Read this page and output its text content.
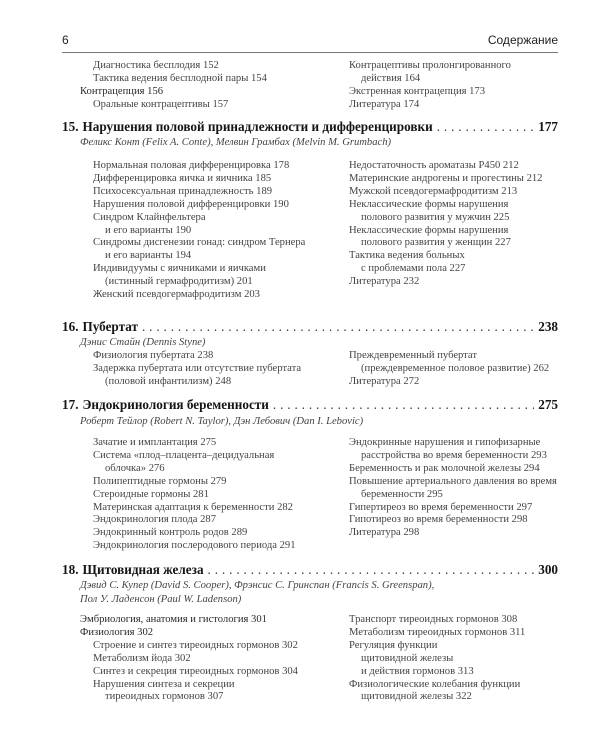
6	Содержание
Диагностика бесплодия 152
Тактика ведения бесплодной пары 154
Контрацепция 156
Оральные контрацептивы 157
Контрацептивы пролонгированного
действия 164
Экстренная контрацепция 173
Литература 174
15. Нарушения половой принадлежности и дифференцировки
. . .	177
Феликс Конт (Felix A. Conte), Мелвин Грамбах (Melvin M. Grumbach)
Нормальная половая дифференцировка 178
Дифференцировка яичка и яичника 185
Психосексуальная принадлежность 189
Нарушения половой дифференцировки 190
Синдром Клайнфельтера
и его варианты 190
Синдромы дисгенезии гонад: синдром Тернера
и его варианты 194
Индивидуумы с яичниками и яичками
(истинный гермафродитизм) 201
Женский псевдогермафродитизм 203
Недостаточность ароматазы P450 212
Материнские андрогены и прогестины 212
Мужской псевдогермафродитизм 213
Неклассические формы нарушения
полового развития у мужчин 225
Неклассические формы нарушения
полового развития у женщин 227
Тактика ведения больных
с проблемами пола 227
Литература 232
16. Пубертат
. . .	238
Дэнис Стайн (Dennis Styne)
Физиология пубертата 238
Задержка пубертата или отсутствие пубертата
(половой инфантилизм) 248
Преждевременный пубертат
(преждевременное половое развитие) 262
Литература 272
17. Эндокринология беременности
. . .	275
Роберт Тейлор (Robert N. Taylor), Дэн Лебович (Dan I. Lebovic)
Зачатие и имплантация 275
Система «плод–плацента–децидуальная
облочка» 276
Полипептидные гормоны 279
Стероидные гормоны 281
Материнская адаптация к беременности 282
Эндокринология плода 287
Эндокринный контроль родов 289
Эндокринология послеродового периода 291
Эндокринные нарушения и гипофизарные
расстройства во время беременности 293
Беременность и рак молочной железы 294
Повышение артериального давления во время
беременности 295
Гипертиреоз во время беременности 297
Гипотиреоз во время беременности 298
Литература 298
18. Щитовидная железа
. . .	300
Дэвид С. Купер (David S. Cooper), Фрэнсис С. Гринспан (Francis S. Greenspan),
Пол У. Ладенсон (Paul W. Ladenson)
Эмбриология, анатомия и гистология 301
Физиология 302
Строение и синтез тиреоидных гормонов 302
Метаболизм йода 302
Синтез и секреция тиреоидных гормонов 304
Нарушения синтеза и секреции
тиреоидных гормонов 307
Транспорт тиреоидных гормонов 308
Метаболизм тиреоидных гормонов 311
Регуляция функции
щитовидной железы
и действия гормонов 313
Физиологические колебания функции
щитовидной железы 322
